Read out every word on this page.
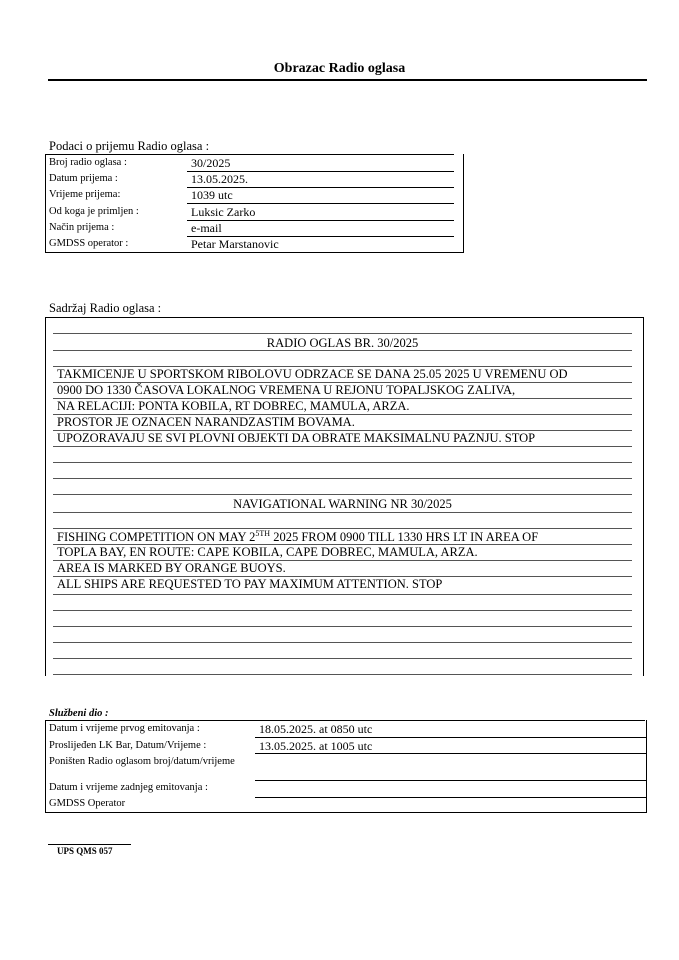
Obrazac Radio oglasa
Podaci o prijemu Radio oglasa :
Broj radio oglasa :	30/2025
Datum prijema :	13.05.2025.
Vrijeme prijema:	1039 utc
Od koga je primljen :	Luksic Zarko
Način prijema :	e-mail
GMDSS operator :	Petar Marstanovic
Sadržaj Radio oglasa :
RADIO OGLAS BR. 30/2025
TAKMICENJE U SPORTSKOM RIBOLOVU ODRZACE SE DANA 25.05 2025 U VREMENU OD
0900 DO 1330 ČASOVA LOKALNOG VREMENA U REJONU TOPALJSKOG ZALIVA,
NA RELACIJI: PONTA KOBILA, RT DOBREC, MAMULA, ARZA.
PROSTOR JE OZNACEN NARANDZASTIM BOVAMA.
UPOZORAVAJU SE SVI PLOVNI OBJEKTI DA OBRATE MAKSIMALNU PAZNJU. STOP
NAVIGATIONAL WARNING NR 30/2025
FISHING COMPETITION ON MAY $2^{5TH}$ 2025 FROM 0900 TILL 1330 HRS LT IN AREA OF
TOPLA BAY, EN ROUTE: CAPE KOBILA, CAPE DOBREC, MAMULA, ARZA.
AREA IS MARKED BY ORANGE BUOYS.
ALL SHIPS ARE REQUESTED TO PAY MAXIMUM ATTENTION. STOP
Službeni dio :
Datum i vrijeme prvog emitovanja :	18.05.2025. at 0850 utc
Proslijeđen LK Bar, Datum/Vrijeme :	13.05.2025. at 1005 utc
Poništen Radio oglasom broj/datum/vrijeme
Datum i vrijeme zadnjeg emitovanja :
GMDSS Operator
UPS QMS 057
